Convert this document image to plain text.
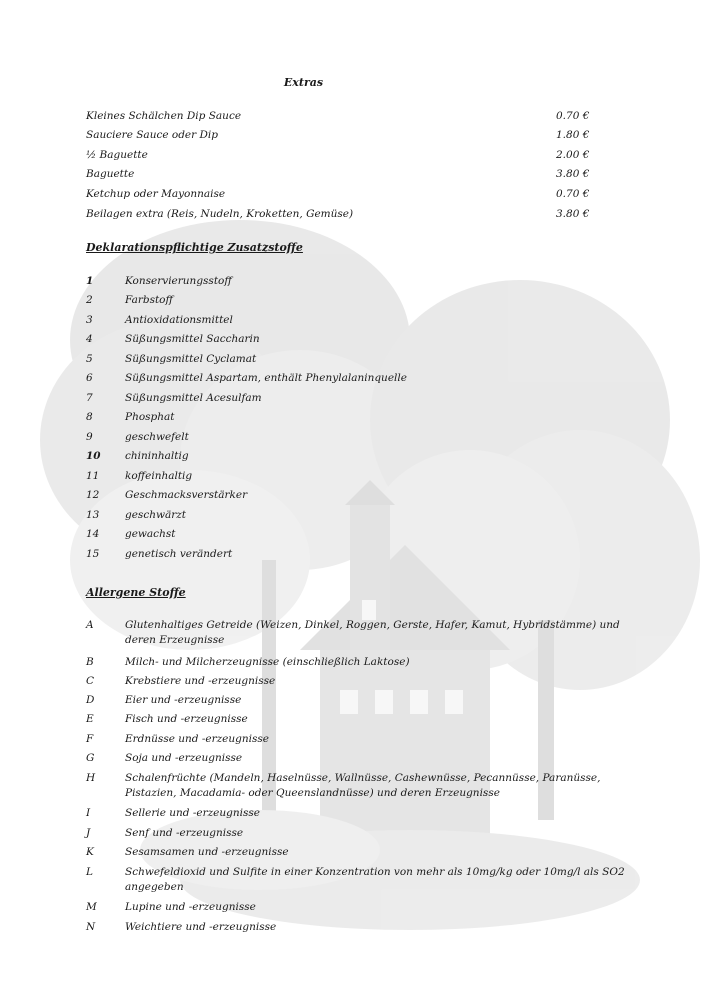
Extras
Kleines Schälchen Dip Sauce	0.70 €
Sauciere Sauce oder Dip	1.80 €
½ Baguette	2.00 €
Baguette	3.80 €
Ketchup oder Mayonnaise	0.70 €
Beilagen extra (Reis, Nudeln, Kroketten, Gemüse)	3.80 €
Deklarationspflichtige Zusatzstoffe
1	Konservierungsstoff
2	Farbstoff
3	Antioxidationsmittel
4	Süßungsmittel Saccharin
5	Süßungsmittel Cyclamat
6	Süßungsmittel Aspartam, enthält Phenylalaninquelle
7	Süßungsmittel Acesulfam
8	Phosphat
9	geschwefelt
10 chininhaltig
11 koffeinhaltig
12 Geschmacksverstärker
13 geschwärzt
14 gewachst
15 genetisch verändert
Allergene Stoffe
A	Glutenhaltiges Getreide (Weizen, Dinkel, Roggen, Gerste, Hafer, Kamut, Hybridstämme) und deren Erzeugnisse
B	Milch- und Milcherzeugnisse (einschließlich Laktose)
C	Krebstiere und -erzeugnisse
D	Eier und -erzeugnisse
E	Fisch und -erzeugnisse
F	Erdnüsse und -erzeugnisse
G	Soja und -erzeugnisse
H	Schalenfrüchte (Mandeln, Haselnüsse, Wallnüsse, Cashewnüsse, Pecannüsse, Paranüsse, Pistazien, Macadamia- oder Queenslandnüsse) und deren Erzeugnisse
I	Sellerie und -erzeugnisse
J	Senf und -erzeugnisse
K	Sesamsamen und -erzeugnisse
L	Schwefeldioxid und Sulfite in einer Konzentration von mehr als 10mg/kg oder 10mg/l als SO2 angegeben
M	Lupine und -erzeugnisse
N	Weichtiere und -erzeugnisse
